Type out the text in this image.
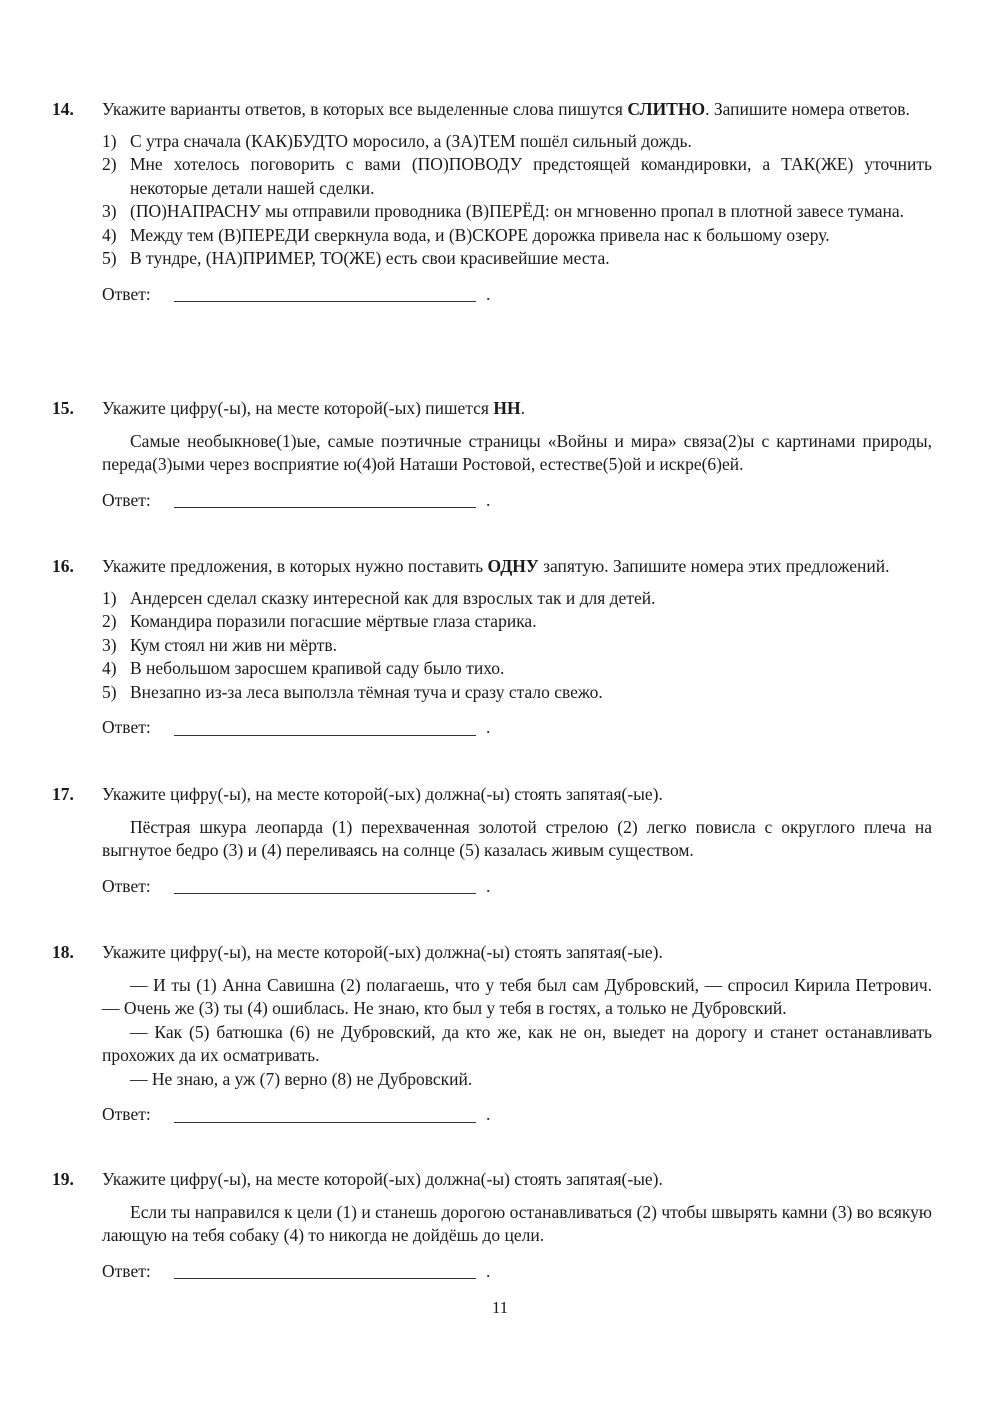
14. Укажите варианты ответов, в которых все выделенные слова пишутся СЛИТНО. Запишите номера ответов.
1) С утра сначала (КАК)БУДТО моросило, а (ЗА)ТЕМ пошёл сильный дождь.
2) Мне хотелось поговорить с вами (ПО)ПОВОДУ предстоящей командировки, а ТАК(ЖЕ) уточнить некоторые детали нашей сделки.
3) (ПО)НАПРАСНУ мы отправили проводника (В)ПЕРЁД: он мгновенно пропал в плотной завесе тумана.
4) Между тем (В)ПЕРЕДИ сверкнула вода, и (В)СКОРЕ дорожка привела нас к большому озеру.
5) В тундре, (НА)ПРИМЕР, ТО(ЖЕ) есть свои красивейшие места.
Ответ:	.
15. Укажите цифру(-ы), на месте которой(-ых) пишется НН.

Самые необыкнове(1)ые, самые поэтичные страницы «Войны и мира» связа(2)ы с картинами природы, переда(3)ыми через восприятие ю(4)ой Наташи Ростовой, естестве(5)ой и искре(6)ей.

Ответ:	.
16. Укажите предложения, в которых нужно поставить ОДНУ запятую. Запишите номера этих предложений.
1) Андерсен сделал сказку интересной как для взрослых так и для детей.
2) Командира поразили погасшие мёртвые глаза старика.
3) Кум стоял ни жив ни мёртв.
4) В небольшом заросшем крапивой саду было тихо.
5) Внезапно из-за леса выползла тёмная туча и сразу стало свежо.
Ответ:	.
17. Укажите цифру(-ы), на месте которой(-ых) должна(-ы) стоять запятая(-ые).

Пёстрая шкура леопарда (1) перехваченная золотой стрелою (2) легко повисла с округлого плеча на выгнутое бедро (3) и (4) переливаясь на солнце (5) казалась живым существом.

Ответ:	.
18. Укажите цифру(-ы), на месте которой(-ых) должна(-ы) стоять запятая(-ые).

— И ты (1) Анна Савишна (2) полагаешь, что у тебя был сам Дубровский, — спросил Кирила Петрович. — Очень же (3) ты (4) ошиблась. Не знаю, кто был у тебя в гостях, а только не Дубровский.

— Как (5) батюшка (6) не Дубровский, да кто же, как не он, выедет на дорогу и станет останавливать прохожих да их осматривать.

— Не знаю, а уж (7) верно (8) не Дубровский.

Ответ:	.
19. Укажите цифру(-ы), на месте которой(-ых) должна(-ы) стоять запятая(-ые).

Если ты направился к цели (1) и станешь дорогою останавливаться (2) чтобы швырять камни (3) во всякую лающую на тебя собаку (4) то никогда не дойдёшь до цели.

Ответ:	.
11
